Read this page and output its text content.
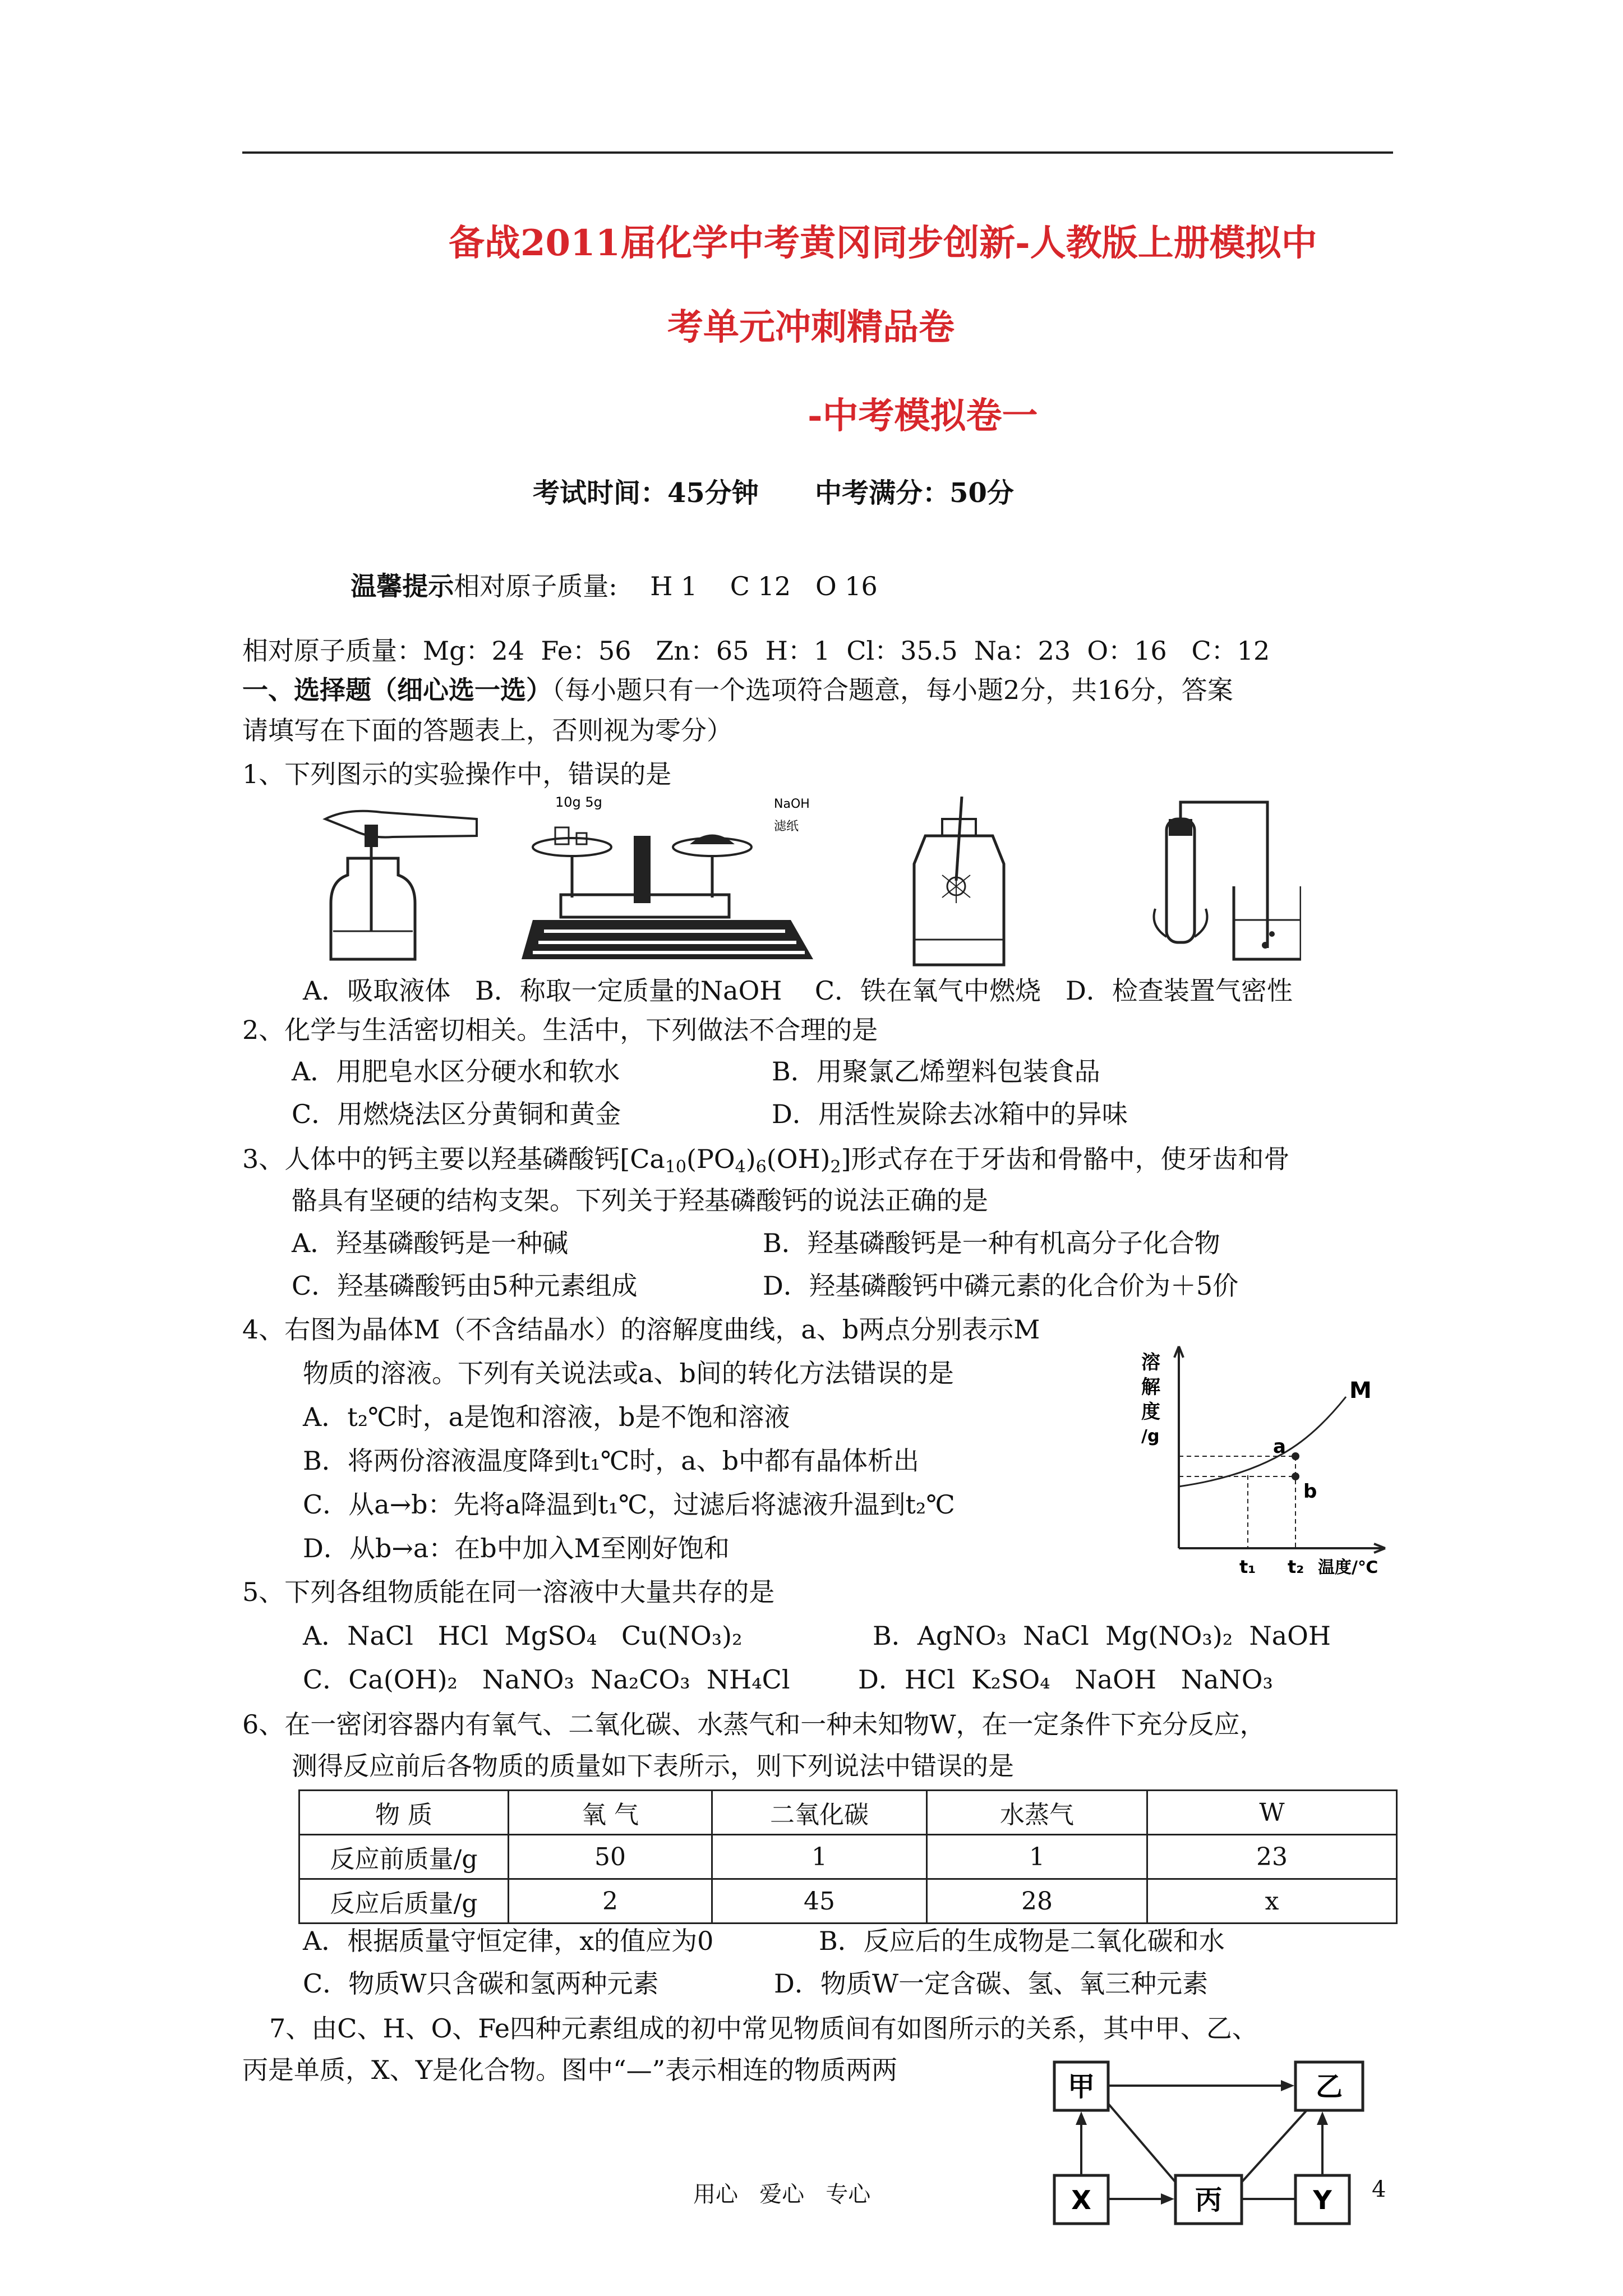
备战2011届化学中考黄冈同步创新-人教版上册模拟中
考单元冲刺精品卷
-中考模拟卷一
考试时间：45分钟      中考满分：50分

温馨提示相对原子质量:    H 1    C 12   O 16

相对原子质量：Mg：24  Fe：56   Zn：65  H：1  Cl：35.5  Na：23  O：16   C：12
一、选择题（细心选一选）（每小题只有一个选项符合题意，每小题2分，共16分，答案
请填写在下面的答题表上，否则视为零分）
1、下列图示的实验操作中，错误的是
10g 5g	NaOH
滤纸
A．吸取液体   B．称取一定质量的NaOH    C．铁在氧气中燃烧   D．检查装置气密性
2、化学与生活密切相关。生活中，下列做法不合理的是
A．用肥皂水区分硬水和软水	B．用聚氯乙烯塑料包装食品
C．用燃烧法区分黄铜和黄金	D．用活性炭除去冰箱中的异味
3、人体中的钙主要以羟基磷酸钙$[Ca_{10}(PO_4)_6(OH)_2]$形式存在于牙齿和骨骼中，使牙齿和骨
骼具有坚硬的结构支架。下列关于羟基磷酸钙的说法正确的是
A．羟基磷酸钙是一种碱	B．羟基磷酸钙是一种有机高分子化合物
C．羟基磷酸钙由5种元素组成	D．羟基磷酸钙中磷元素的化合价为＋5价
4、右图为晶体M（不含结晶水）的溶解度曲线，a、b两点分别表示M
物质的溶液。下列有关说法或a、b间的转化方法错误的是
A．t₂℃时，a是饱和溶液，b是不饱和溶液
B．将两份溶液温度降到t₁℃时，a、b中都有晶体析出
C．从a→b：先将a降温到t₁℃，过滤后将滤液升温到t₂℃
D．从b→a：在b中加入M至刚好饱和
溶
解
度
/g
M
a
b
t₁ t₂ 温度/℃
5、下列各组物质能在同一溶液中大量共存的是
A．NaCl   HCl  MgSO₄   Cu(NO₃)₂	B．AgNO₃  NaCl  Mg(NO₃)₂  NaOH
C．Ca(OH)₂   NaNO₃  Na₂CO₃  NH₄Cl	D．HCl  K₂SO₄   NaOH   NaNO₃
6、在一密闭容器内有氧气、二氧化碳、水蒸气和一种未知物W，在一定条件下充分反应，
测得反应前后各物质的质量如下表所示，则下列说法中错误的是
物 质	氧 气	二氧化碳	水蒸气	W
反应前质量/g	50	1	1	23
反应后质量/g	2	45	28	x
A．根据质量守恒定律，x的值应为0	B．反应后的生成物是二氧化碳和水
C．物质W只含碳和氢两种元素	D．物质W一定含碳、氢、氧三种元素
7、由C、H、O、Fe四种元素组成的初中常见物质间有如图所示的关系，其中甲、乙、
丙是单质，X、Y是化合物。图中“—”表示相连的物质两两
甲	乙
X	丙	Y
用心   爱心   专心	4
